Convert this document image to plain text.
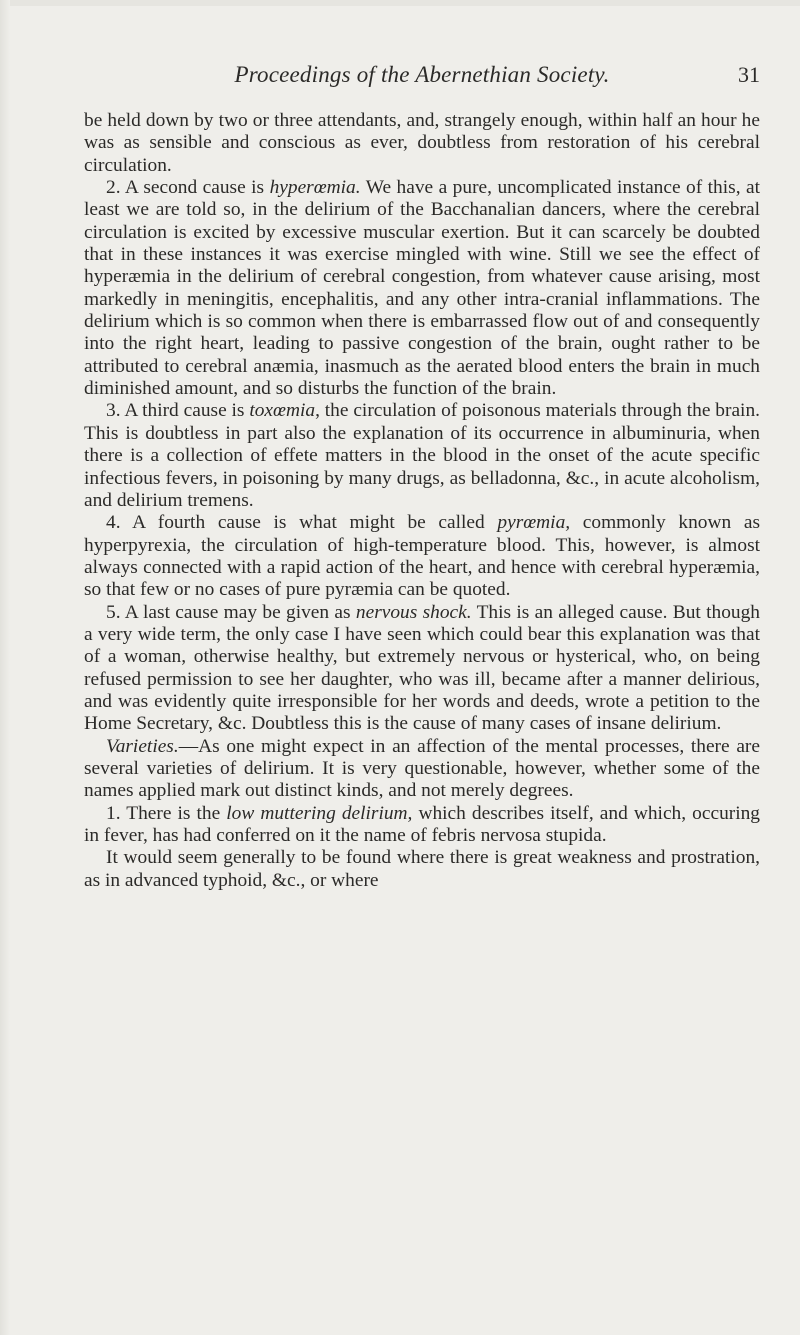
Proceedings of the Abernethian Society.	31

be held down by two or three attendants, and, strangely enough, within half an hour he was as sensible and conscious as ever, doubtless from restoration of his cerebral circulation.

2. A second cause is hyperœmia. We have a pure, uncomplicated instance of this, at least we are told so, in the delirium of the Bacchanalian dancers, where the cerebral circulation is excited by excessive muscular exertion. But it can scarcely be doubted that in these instances it was exercise mingled with wine. Still we see the effect of hyperæmia in the delirium of cerebral congestion, from whatever cause arising, most markedly in meningitis, encephalitis, and any other intra-cranial inflammations. The delirium which is so common when there is embarrassed flow out of and consequently into the right heart, leading to passive congestion of the brain, ought rather to be attributed to cerebral anæmia, inasmuch as the aerated blood enters the brain in much diminished amount, and so disturbs the function of the brain.

3. A third cause is toxœmia, the circulation of poisonous materials through the brain. This is doubtless in part also the explanation of its occurrence in albuminuria, when there is a collection of effete matters in the blood in the onset of the acute specific infectious fevers, in poisoning by many drugs, as belladonna, &c., in acute alcoholism, and delirium tremens.

4. A fourth cause is what might be called pyrœmia, commonly known as hyperpyrexia, the circulation of high-temperature blood. This, however, is almost always connected with a rapid action of the heart, and hence with cerebral hyperæmia, so that few or no cases of pure pyræmia can be quoted.

5. A last cause may be given as nervous shock. This is an alleged cause. But though a very wide term, the only case I have seen which could bear this explanation was that of a woman, otherwise healthy, but extremely nervous or hysterical, who, on being refused permission to see her daughter, who was ill, became after a manner delirious, and was evidently quite irresponsible for her words and deeds, wrote a petition to the Home Secretary, &c. Doubtless this is the cause of many cases of insane delirium.

Varieties.—As one might expect in an affection of the mental processes, there are several varieties of delirium. It is very questionable, however, whether some of the names applied mark out distinct kinds, and not merely degrees.

1. There is the low muttering delirium, which describes itself, and which, occuring in fever, has had conferred on it the name of febris nervosa stupida.

It would seem generally to be found where there is great weakness and prostration, as in advanced typhoid, &c., or where
